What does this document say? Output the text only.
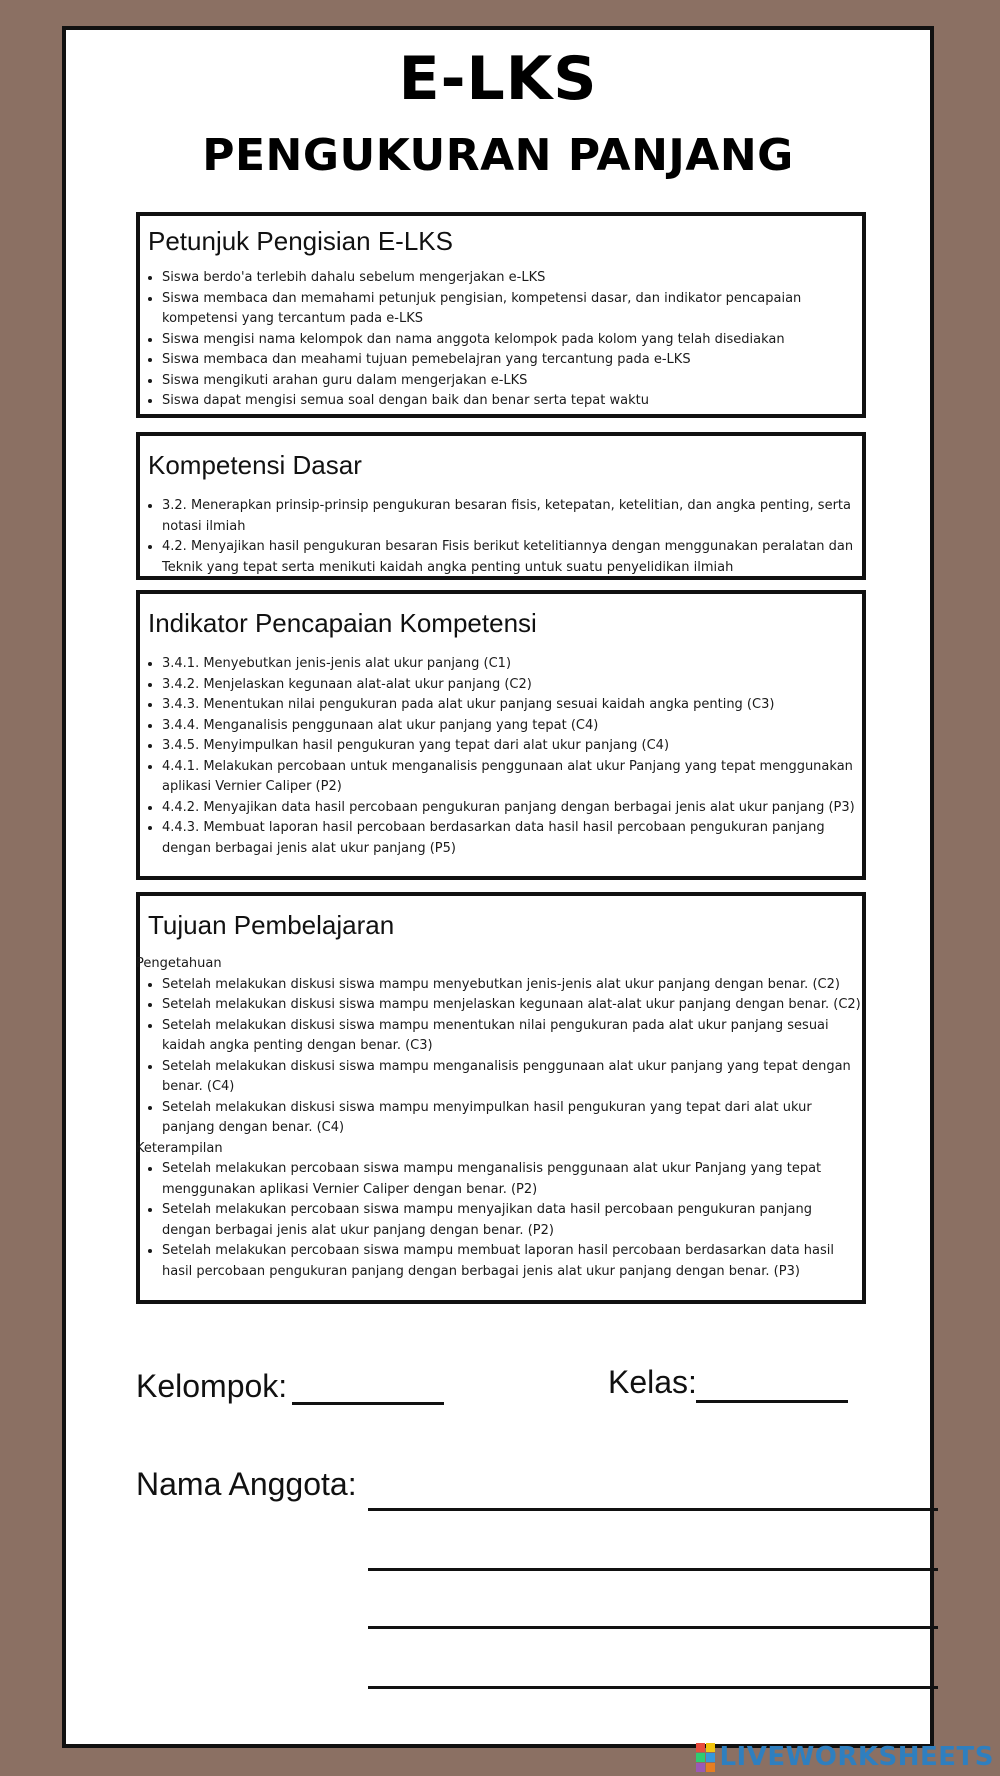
E-LKS
PENGUKURAN PANJANG
Petunjuk Pengisian E-LKS
• Siswa berdo'a terlebih dahalu sebelum mengerjakan e-LKS
• Siswa membaca dan memahami petunjuk pengisian, kompetensi dasar, dan indikator pencapaian kompetensi yang tercantum pada e-LKS
• Siswa mengisi nama kelompok dan nama anggota kelompok pada kolom yang telah disediakan
• Siswa membaca dan meahami tujuan pemebelajran yang tercantung pada e-LKS
• Siswa mengikuti arahan guru dalam mengerjakan e-LKS
• Siswa dapat mengisi semua soal dengan baik dan benar serta tepat waktu
Kompetensi Dasar
• 3.2. Menerapkan prinsip-prinsip pengukuran besaran fisis, ketepatan, ketelitian, dan angka penting, serta notasi ilmiah
• 4.2. Menyajikan hasil pengukuran besaran Fisis berikut ketelitiannya dengan menggunakan peralatan dan Teknik yang tepat serta menikuti kaidah angka penting untuk suatu penyelidikan ilmiah
Indikator Pencapaian Kompetensi
• 3.4.1. Menyebutkan jenis-jenis alat ukur panjang (C1)
• 3.4.2. Menjelaskan kegunaan alat-alat ukur panjang (C2)
• 3.4.3. Menentukan nilai pengukuran pada alat ukur panjang sesuai kaidah angka penting (C3)
• 3.4.4. Menganalisis penggunaan alat ukur panjang yang tepat (C4)
• 3.4.5. Menyimpulkan hasil pengukuran yang tepat dari alat ukur panjang (C4)
• 4.4.1. Melakukan percobaan untuk menganalisis penggunaan alat ukur Panjang yang tepat menggunakan aplikasi Vernier Caliper (P2)
• 4.4.2. Menyajikan data hasil percobaan pengukuran panjang dengan berbagai jenis alat ukur panjang (P3)
• 4.4.3. Membuat laporan hasil percobaan berdasarkan data hasil hasil percobaan pengukuran panjang dengan berbagai jenis alat ukur panjang (P5)
Tujuan Pembelajaran
Pengetahuan
• Setelah melakukan diskusi siswa mampu menyebutkan jenis-jenis alat ukur panjang dengan benar. (C2)
• Setelah melakukan diskusi siswa mampu menjelaskan kegunaan alat-alat ukur panjang dengan benar. (C2)
• Setelah melakukan diskusi siswa mampu menentukan nilai pengukuran pada alat ukur panjang sesuai kaidah angka penting dengan benar. (C3)
• Setelah melakukan diskusi siswa mampu menganalisis penggunaan alat ukur panjang yang tepat dengan benar. (C4)
• Setelah melakukan diskusi siswa mampu menyimpulkan hasil pengukuran yang tepat dari alat ukur panjang dengan benar. (C4)
Keterampilan
• Setelah melakukan percobaan siswa mampu menganalisis penggunaan alat ukur Panjang yang tepat menggunakan aplikasi Vernier Caliper dengan benar. (P2)
• Setelah melakukan percobaan siswa mampu menyajikan data hasil percobaan pengukuran panjang dengan berbagai jenis alat ukur panjang dengan benar. (P2)
• Setelah melakukan percobaan siswa mampu membuat laporan hasil percobaan berdasarkan data hasil hasil percobaan pengukuran panjang dengan berbagai jenis alat ukur panjang dengan benar. (P3)
Kelompok:	Kelas:
Nama Anggota:
LIVEWORKSHEETS
